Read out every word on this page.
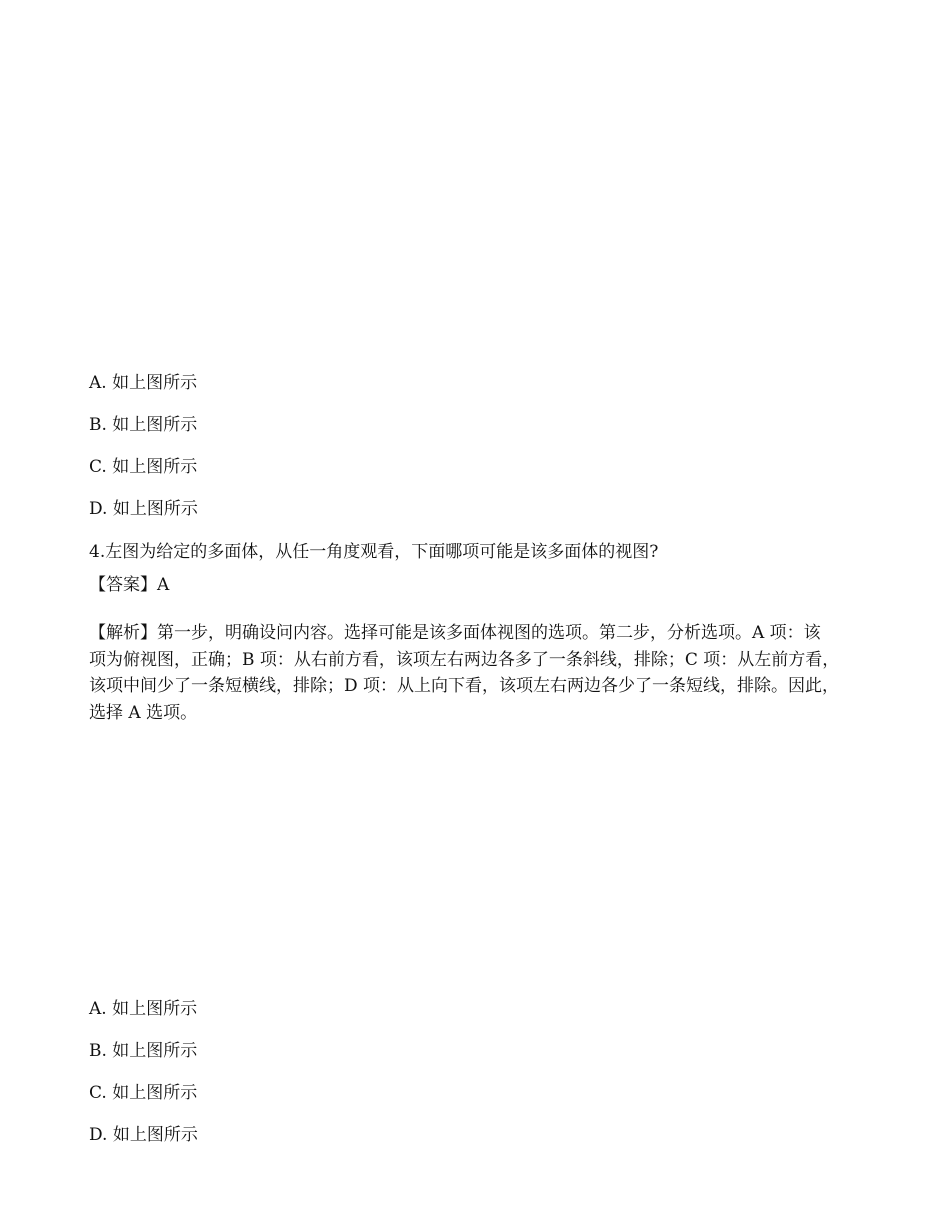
A. 如上图所示
B. 如上图所示
C. 如上图所示
D. 如上图所示
4.左图为给定的多面体，从任一角度观看，下面哪项可能是该多面体的视图?
【答案】A
【解析】第一步，明确设问内容。选择可能是该多面体视图的选项。第二步，分析选项。A 项：该
项为俯视图，正确；B 项：从右前方看，该项左右两边各多了一条斜线，排除；C 项：从左前方看，
该项中间少了一条短横线，排除；D 项：从上向下看，该项左右两边各少了一条短线，排除。因此，
选择 A 选项。
A. 如上图所示
B. 如上图所示
C. 如上图所示
D. 如上图所示
